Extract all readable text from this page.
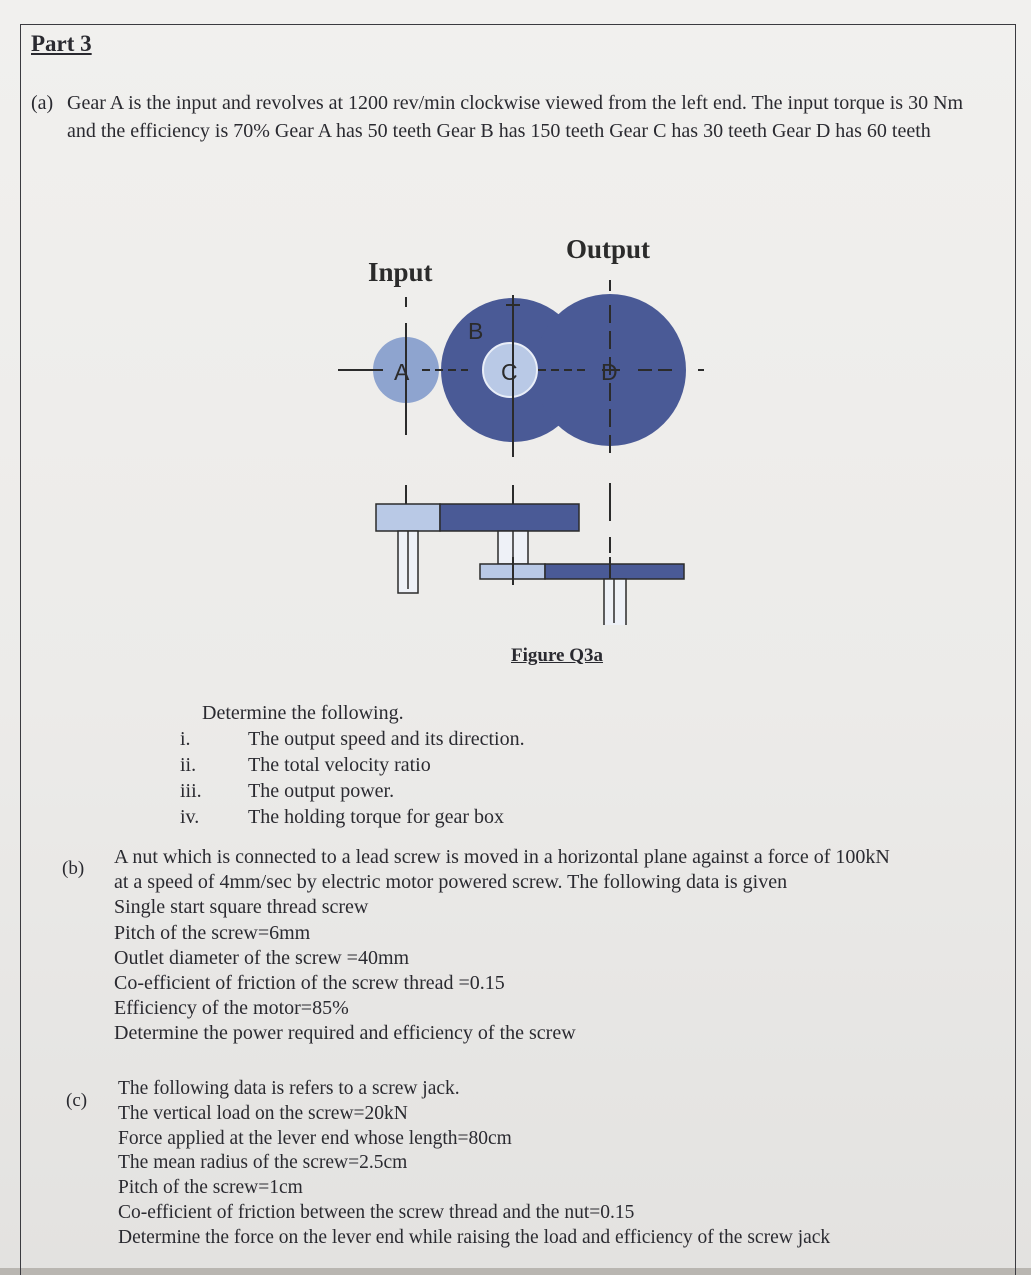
Part 3
(a) Gear A is the input and revolves at 1200 rev/min clockwise viewed from the left end. The input torque is 30 Nm and the efficiency is 70% Gear A has 50 teeth Gear B has 150 teeth Gear C has 30 teeth Gear D has 60 teeth
Input
Output
A
B
C	D
Figure Q3a
Determine the following.
i.	The output speed and its direction.
ii.	The total velocity ratio
iii.	The output power.
iv.	The holding torque for gear box
(b)
A nut which is connected to a lead screw is moved in a horizontal plane against a force of 100kN
at a speed of 4mm/sec by electric motor powered screw. The following data is given
Single start square thread screw
Pitch of the screw=6mm
Outlet diameter of the screw =40mm
Co-efficient of friction of the screw thread =0.15
Efficiency of the motor=85%
Determine the power required and efficiency of the screw
(c)
The following data is refers to a screw jack.
The vertical load on the screw=20kN
Force applied at the lever end whose length=80cm
The mean radius of the screw=2.5cm
Pitch of the screw=1cm
Co-efficient of friction between the screw thread and the nut=0.15
Determine the force on the lever end while raising the load and efficiency of the screw jack
